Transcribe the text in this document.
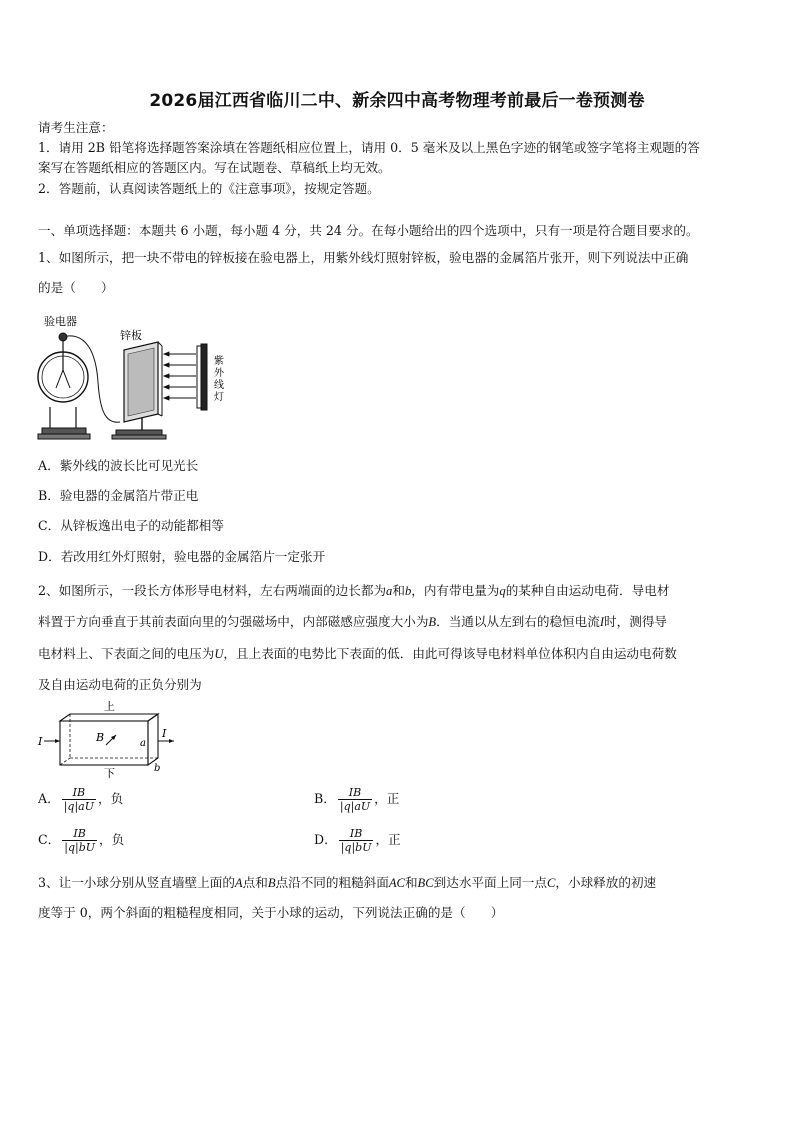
2026届江西省临川二中、新余四中高考物理考前最后一卷预测卷
请考生注意：
1．请用 2B 铅笔将选择题答案涂填在答题纸相应位置上，请用 0．5 毫米及以上黑色字迹的钢笔或签字笔将主观题的答
案写在答题纸相应的答题区内。写在试题卷、草稿纸上均无效。
2．答题前，认真阅读答题纸上的《注意事项》，按规定答题。
一、单项选择题：本题共 6 小题，每小题 4 分，共 24 分。在每小题给出的四个选项中，只有一项是符合题目要求的。
1、如图所示，把一块不带电的锌板接在验电器上，用紫外线灯照射锌板，验电器的金属箔片张开，则下列说法中正确
的是（　　）
验电器
锌板
紫
外
线
灯
A．紫外线的波长比可见光长
B．验电器的金属箔片带正电
C．从锌板逸出电子的动能都相等
D．若改用红外灯照射，验电器的金属箔片一定张开
2、如图所示，一段长方体形导电材料，左右两端面的边长都为a和b，内有带电量为q的某种自由运动电荷．导电材
料置于方向垂直于其前表面向里的匀强磁场中，内部磁感应强度大小为B．当通以从左到右的稳恒电流I时，测得导
电材料上、下表面之间的电压为U，且上表面的电势比下表面的低．由此可得该导电材料单位体积内自由运动电荷数
及自由运动电荷的正负分别为
上
下
I
I
B	a
b
A． $\frac{IB}{|q|aU}$ ，负	B． $\frac{IB}{|q|aU}$ ，正
C． $\frac{IB}{|q|bU}$ ，负	D． $\frac{IB}{|q|bU}$ ，正
3、让一小球分别从竖直墙壁上面的A点和B点沿不同的粗糙斜面AC和BC到达水平面上同一点C，小球释放的初速
度等于 0，两个斜面的粗糙程度相同，关于小球的运动，下列说法正确的是（　　）
